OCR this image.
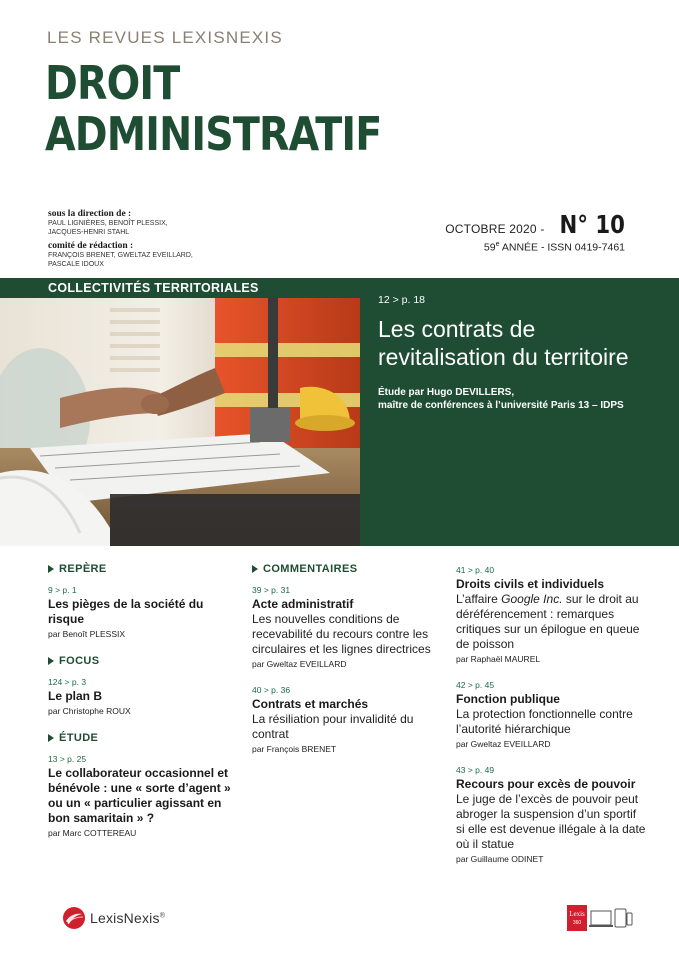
LES REVUES LEXISNEXIS
DROIT
ADMINISTRATIF
sous la direction de :
PAUL LIGNIÈRES, BENOÎT PLESSIX,
JACQUES-HENRI STAHL
comité de rédaction :
FRANÇOIS BRENET, GWELTAZ EVEILLARD,
PASCALE IDOUX
OCTOBRE 2020 - N° 10
59e ANNÉE - ISSN 0419-7461
COLLECTIVITÉS TERRITORIALES
12 > p. 18
Les contrats de revitalisation du territoire
Étude par Hugo DEVILLERS,
maître de conférences à l’université Paris 13 – IDPS
REPÈRE
9 > p. 1
Les pièges de la société du risque
par Benoît PLESSIX
FOCUS
124 > p. 3
Le plan B
par Christophe ROUX
ÉTUDE
13 > p. 25
Le collaborateur occasionnel et bénévole : une « sorte d’agent » ou un « particulier agissant en bon samaritain » ?
par Marc COTTEREAU
COMMENTAIRES
39 > p. 31
Acte administratif
Les nouvelles conditions de recevabilité du recours contre les circulaires et les lignes directrices
par Gweltaz EVEILLARD
40 > p. 36
Contrats et marchés
La résiliation pour invalidité du contrat
par François BRENET
41 > p. 40
Droits civils et individuels
L’affaire Google Inc. sur le droit au déréférencement : remarques critiques sur un épilogue en queue de poisson
par Raphaël MAUREL
42 > p. 45
Fonction publique
La protection fonctionnelle contre l’autorité hiérarchique
par Gweltaz EVEILLARD
43 > p. 49
Recours pour excès de pouvoir
Le juge de l’excès de pouvoir peut abroger la suspension d’un sportif si elle est devenue illégale à la date où il statue
par Guillaume ODINET
LexisNexis®	Lexis
360
